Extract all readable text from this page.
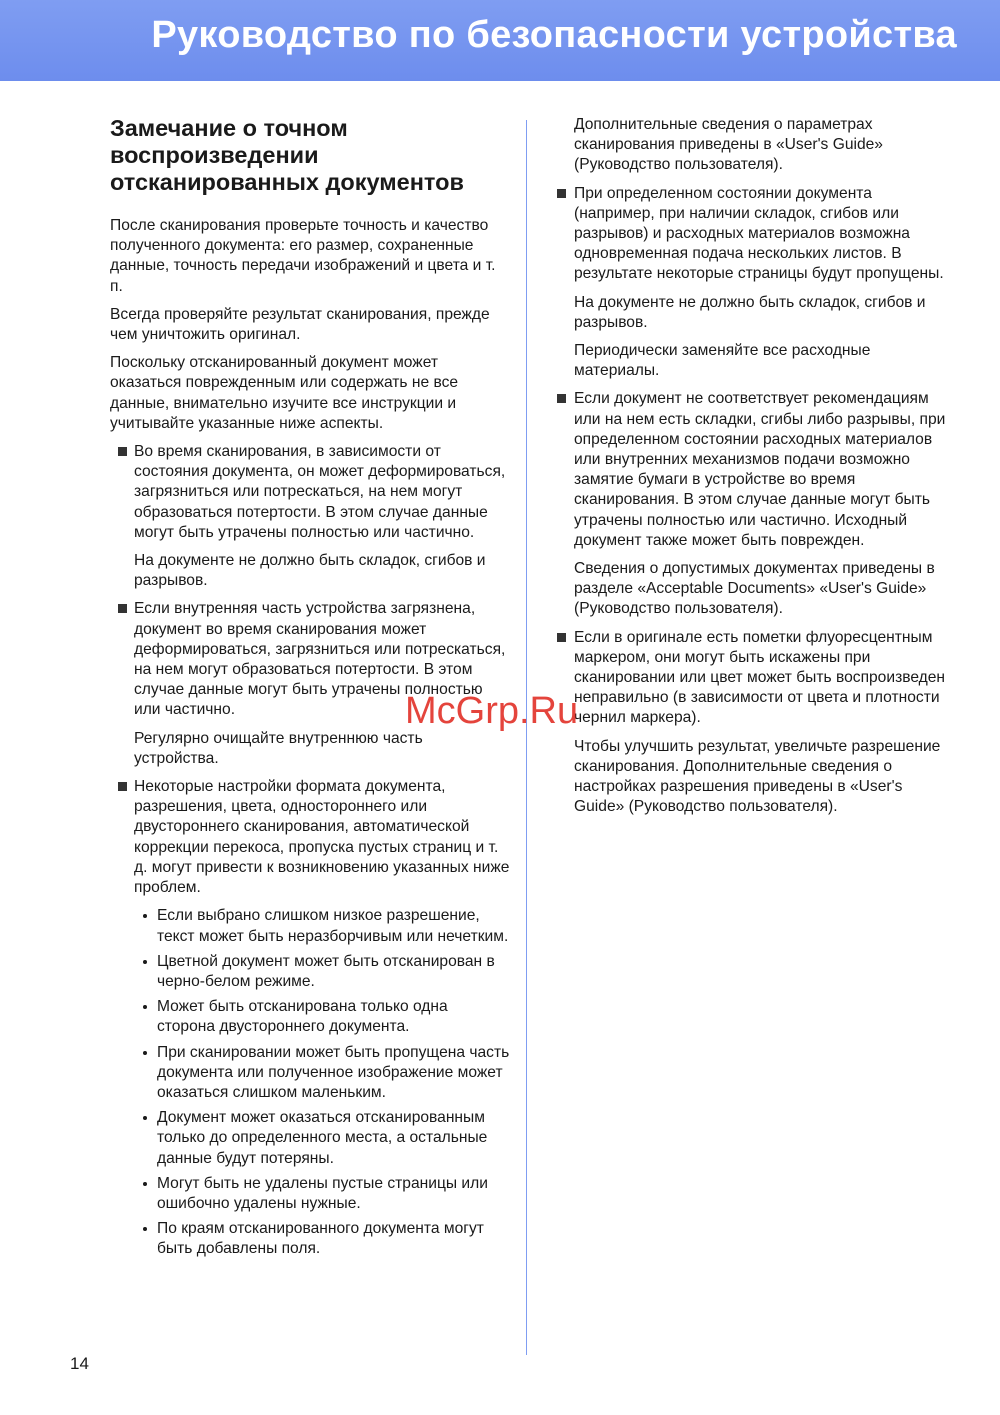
Руководство по безопасности устройства
Замечание о точном воспроизведении отсканированных документов

После сканирования проверьте точность и качество полученного документа: его размер, сохраненные данные, точность передачи изображений и цвета и т. п.

Всегда проверяйте результат сканирования, прежде чем уничтожить оригинал.

Поскольку отсканированный документ может оказаться поврежденным или содержать не все данные, внимательно изучите все инструкции и учитывайте указанные ниже аспекты.

Во время сканирования, в зависимости от состояния документа, он может деформироваться, загрязниться или потрескаться, на нем могут образоваться потертости. В этом случае данные могут быть утрачены полностью или частично.

На документе не должно быть складок, сгибов и разрывов.

Если внутренняя часть устройства загрязнена, документ во время сканирования может деформироваться, загрязниться или потрескаться, на нем могут образоваться потертости. В этом случае данные могут быть утрачены полностью или частично.

Регулярно очищайте внутреннюю часть устройства.

Некоторые настройки формата документа, разрешения, цвета, одностороннего или двустороннего сканирования, автоматической коррекции перекоса, пропуска пустых страниц и т. д. могут привести к возникновению указанных ниже проблем.

Если выбрано слишком низкое разрешение, текст может быть неразборчивым или нечетким.

Цветной документ может быть отсканирован в черно-белом режиме.

Может быть отсканирована только одна сторона двустороннего документа.

При сканировании может быть пропущена часть документа или полученное изображение может оказаться слишком маленьким.

Документ может оказаться отсканированным только до определенного места, а остальные данные будут потеряны.

Могут быть не удалены пустые страницы или ошибочно удалены нужные.

По краям отсканированного документа могут быть добавлены поля.

Дополнительные сведения о параметрах сканирования приведены в «User's Guide» (Руководство пользователя).

При определенном состоянии документа (например, при наличии складок, сгибов или разрывов) и расходных материалов возможна одновременная подача нескольких листов. В результате некоторые страницы будут пропущены.

На документе не должно быть складок, сгибов и разрывов.

Периодически заменяйте все расходные материалы.

Если документ не соответствует рекомендациям или на нем есть складки, сгибы либо разрывы, при определенном состоянии расходных материалов или внутренних механизмов подачи возможно замятие бумаги в устройстве во время сканирования. В этом случае данные могут быть утрачены полностью или частично. Исходный документ также может быть поврежден.

Сведения о допустимых документах приведены в разделе «Acceptable Documents» «User's Guide» (Руководство пользователя).

Если в оригинале есть пометки флуоресцентным маркером, они могут быть искажены при сканировании или цвет может быть воспроизведен неправильно (в зависимости от цвета и плотности чернил маркера).

Чтобы улучшить результат, увеличьте разрешение сканирования. Дополнительные сведения о настройках разрешения приведены в «User's Guide» (Руководство пользователя).

McGrp.Ru
14
